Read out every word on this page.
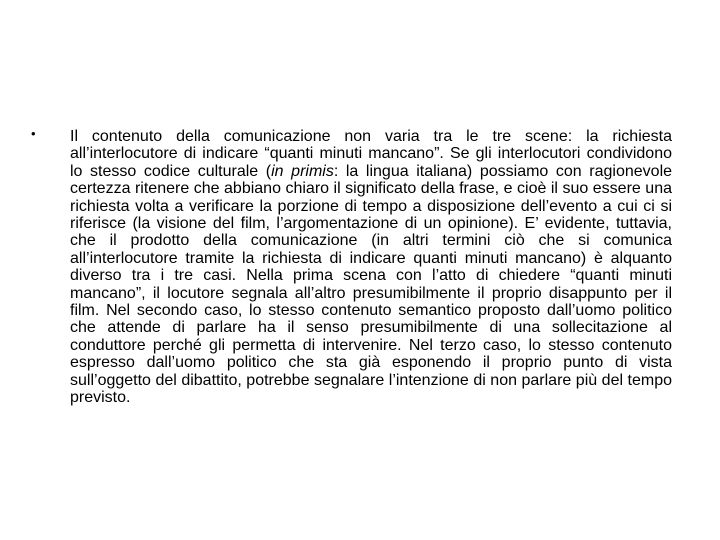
• Il contenuto della comunicazione non varia tra le tre scene: la richiesta all’interlocutore di indicare “quanti minuti mancano”. Se gli interlocutori condividono lo stesso codice culturale (in primis: la lingua italiana) possiamo con ragionevole certezza ritenere che abbiano chiaro il significato della frase, e cioè il suo essere una richiesta volta a verificare la porzione di tempo a disposizione dell’evento a cui ci si riferisce (la visione del film, l’argomentazione di un opinione). E’ evidente, tuttavia, che il prodotto della comunicazione (in altri termini ciò che si comunica all’interlocutore tramite la richiesta di indicare quanti minuti mancano) è alquanto diverso tra i tre casi. Nella prima scena con l’atto di chiedere “quanti minuti mancano”, il locutore segnala all’altro presumibilmente il proprio disappunto per il film. Nel secondo caso, lo stesso contenuto semantico proposto dall’uomo politico che attende di parlare ha il senso presumibilmente di una sollecitazione al conduttore perché gli permetta di intervenire. Nel terzo caso, lo stesso contenuto espresso dall’uomo politico che sta già esponendo il proprio punto di vista sull’oggetto del dibattito, potrebbe segnalare l’intenzione di non parlare più del tempo previsto.
